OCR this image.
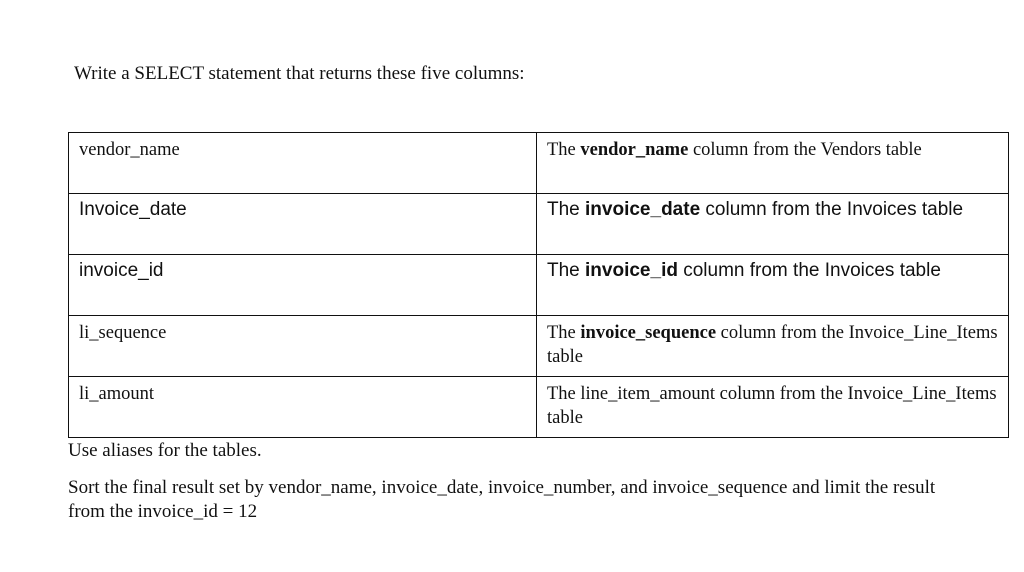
Write a SELECT statement that returns these five columns:
vendor_name	The vendor_name column from the Vendors table
Invoice_date	The invoice_date column from the Invoices table
invoice_id	The invoice_id column from the Invoices table
li_sequence	The invoice_sequence column from the Invoice_Line_Items table
li_amount	The line_item_amount column from the Invoice_Line_Items table
Use aliases for the tables.
Sort the final result set by vendor_name, invoice_date, invoice_number, and invoice_sequence and limit the result from the invoice_id = 12
